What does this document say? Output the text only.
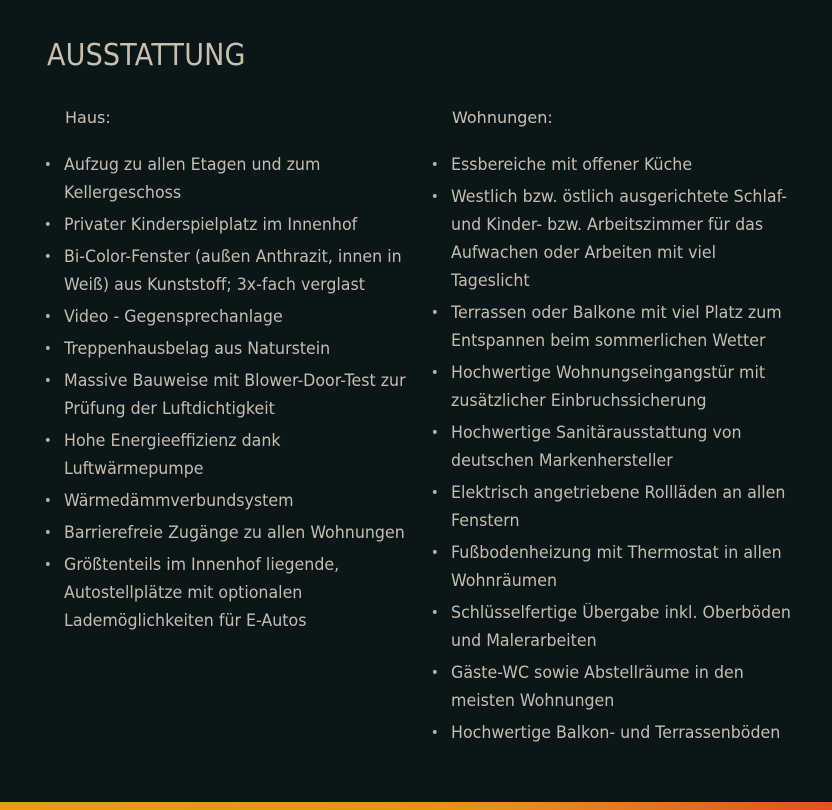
AUSSTATTUNG
Haus:
• Aufzug zu allen Etagen und zum Kellergeschoss
• Privater Kinderspielplatz im Innenhof
• Bi-Color-Fenster (außen Anthrazit, innen in Weiß) aus Kunststoff; 3x-fach verglast
• Video - Gegensprechanlage
• Treppenhausbelag aus Naturstein
• Massive Bauweise mit Blower-Door-Test zur Prüfung der Luftdichtigkeit
• Hohe Energieeffizienz dank Luftwärmepumpe
• Wärmedämmverbundsystem
• Barrierefreie Zugänge zu allen Wohnungen
• Größtenteils im Innenhof liegende, Autostellplätze mit optionalen Lademöglichkeiten für E-Autos
Wohnungen:
• Essbereiche mit offener Küche
• Westlich bzw. östlich ausgerichtete Schlaf- und Kinder- bzw. Arbeitszimmer für das Aufwachen oder Arbeiten mit viel Tageslicht
• Terrassen oder Balkone mit viel Platz zum Entspannen beim sommerlichen Wetter
• Hochwertige Wohnungseingangstür mit zusätzlicher Einbruchssicherung
• Hochwertige Sanitärausstattung von deutschen Markenhersteller
• Elektrisch angetriebene Rollläden an allen Fenstern
• Fußbodenheizung mit Thermostat in allen Wohnräumen
• Schlüsselfertige Übergabe inkl. Oberböden und Malerarbeiten
• Gäste-WC sowie Abstellräume in den meisten Wohnungen
• Hochwertige Balkon- und Terrassenböden
